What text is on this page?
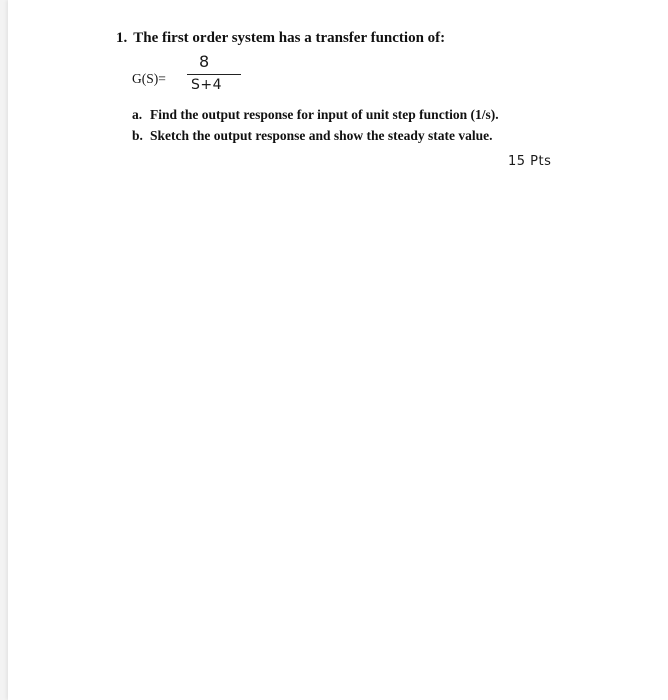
1. The first order system has a transfer function of:
G(S)=
8
S+4
a. Find the output response for input of unit step function (1/s).
b. Sketch the output response and show the steady state value.
15 Pts
